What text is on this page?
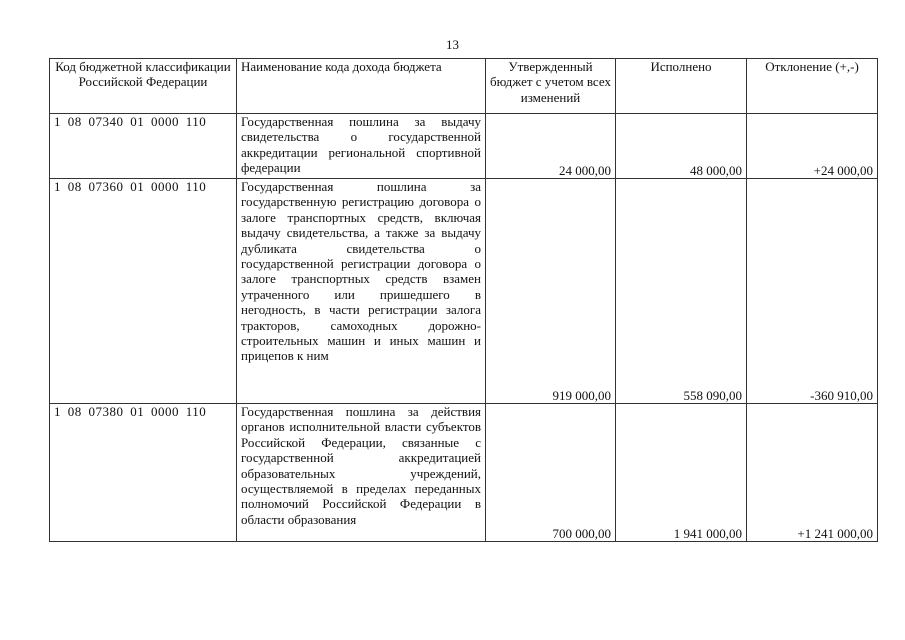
13
Код бюджетной классификации Российской Федерации	Наименование кода дохода бюджета	Утвержденный бюджет с учетом всех изменений	Исполнено	Отклонение (+,-)
1 08 07340 01 0000 110	Государственная пошлина за выдачу свидетельства о государственной аккредитации региональной спортивной федерации	24 000,00	48 000,00	+24 000,00
1 08 07360 01 0000 110	Государственная пошлина за государственную регистрацию договора о залоге транспортных средств, включая выдачу свидетельства, а также за выдачу дубликата свидетельства о государственной регистрации договора о залоге транспортных средств взамен утраченного или пришедшего в негодность, в части регистрации залога тракторов, самоходных дорожно-строительных машин и иных машин и прицепов к ним	919 000,00	558 090,00	-360 910,00
1 08 07380 01 0000 110	Государственная пошлина за действия органов исполнительной власти субъектов Российской Федерации, связанные с государственной аккредитацией образовательных учреждений, осуществляемой в пределах переданных полномочий Российской Федерации в области образования	700 000,00	1 941 000,00	+1 241 000,00
